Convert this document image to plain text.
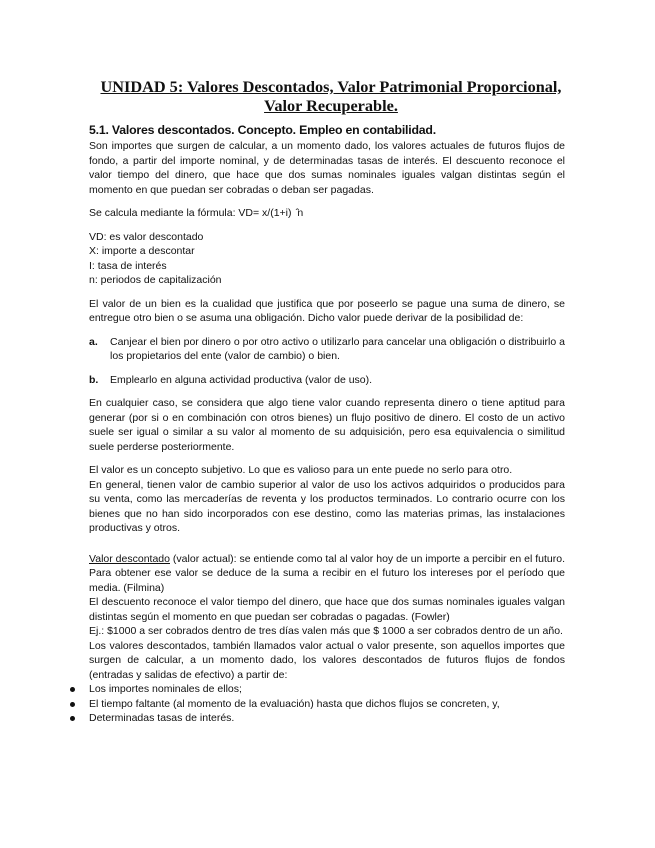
UNIDAD 5: Valores Descontados, Valor Patrimonial Proporcional, Valor Recuperable.
5.1. Valores descontados. Concepto. Empleo en contabilidad.

Son importes que surgen de calcular, a un momento dado, los valores actuales de futuros flujos de fondo, a partir del importe nominal, y de determinadas tasas de interés. El descuento reconoce el valor tiempo del dinero, que hace que dos sumas nominales iguales valgan distintas según el momento en que puedan ser cobradas o deban ser pagadas.

Se calcula mediante la fórmula: VD= x/(1+i)  ̂n

VD: es valor descontado
X: importe a descontar
I: tasa de interés
n: periodos de capitalización

El valor de un bien es la cualidad que justifica que por poseerlo se pague una suma de dinero, se entregue otro bien o se asuma una obligación. Dicho valor puede derivar de la posibilidad de:

a. Canjear el bien por dinero o por otro activo o utilizarlo para cancelar una obligación o distribuirlo a los propietarios del ente (valor de cambio) o bien.
b. Emplearlo en alguna actividad productiva (valor de uso).

En cualquier caso, se considera que algo tiene valor cuando representa dinero o tiene aptitud para generar (por si o en combinación con otros bienes) un flujo positivo de dinero. El costo de un activo suele ser igual o similar a su valor al momento de su adquisición, pero esa equivalencia o similitud suele perderse posteriormente.

El valor es un concepto subjetivo. Lo que es valioso para un ente puede no serlo para otro.

En general, tienen valor de cambio superior al valor de uso los activos adquiridos o producidos para su venta, como las mercaderías de reventa y los productos terminados. Lo contrario ocurre con los bienes que no han sido incorporados con ese destino, como las materias primas, las instalaciones productivas y otros.

Valor descontado (valor actual): se entiende como tal al valor hoy de un importe a percibir en el futuro. Para obtener ese valor se deduce de la suma a recibir en el futuro los intereses por el período que media. (Filmina)

El descuento reconoce el valor tiempo del dinero, que hace que dos sumas nominales iguales valgan distintas según el momento en que puedan ser cobradas o pagadas. (Fowler)

Ej.: $1000 a ser cobrados dentro de tres días valen más que $ 1000 a ser cobrados dentro de un año.

Los valores descontados, también llamados valor actual o valor presente, son aquellos importes que surgen de calcular, a un momento dado, los valores descontados de futuros flujos de fondos (entradas y salidas de efectivo) a partir de:

Los importes nominales de ellos;
El tiempo faltante (al momento de la evaluación) hasta que dichos flujos se concreten, y,
Determinadas tasas de interés.
